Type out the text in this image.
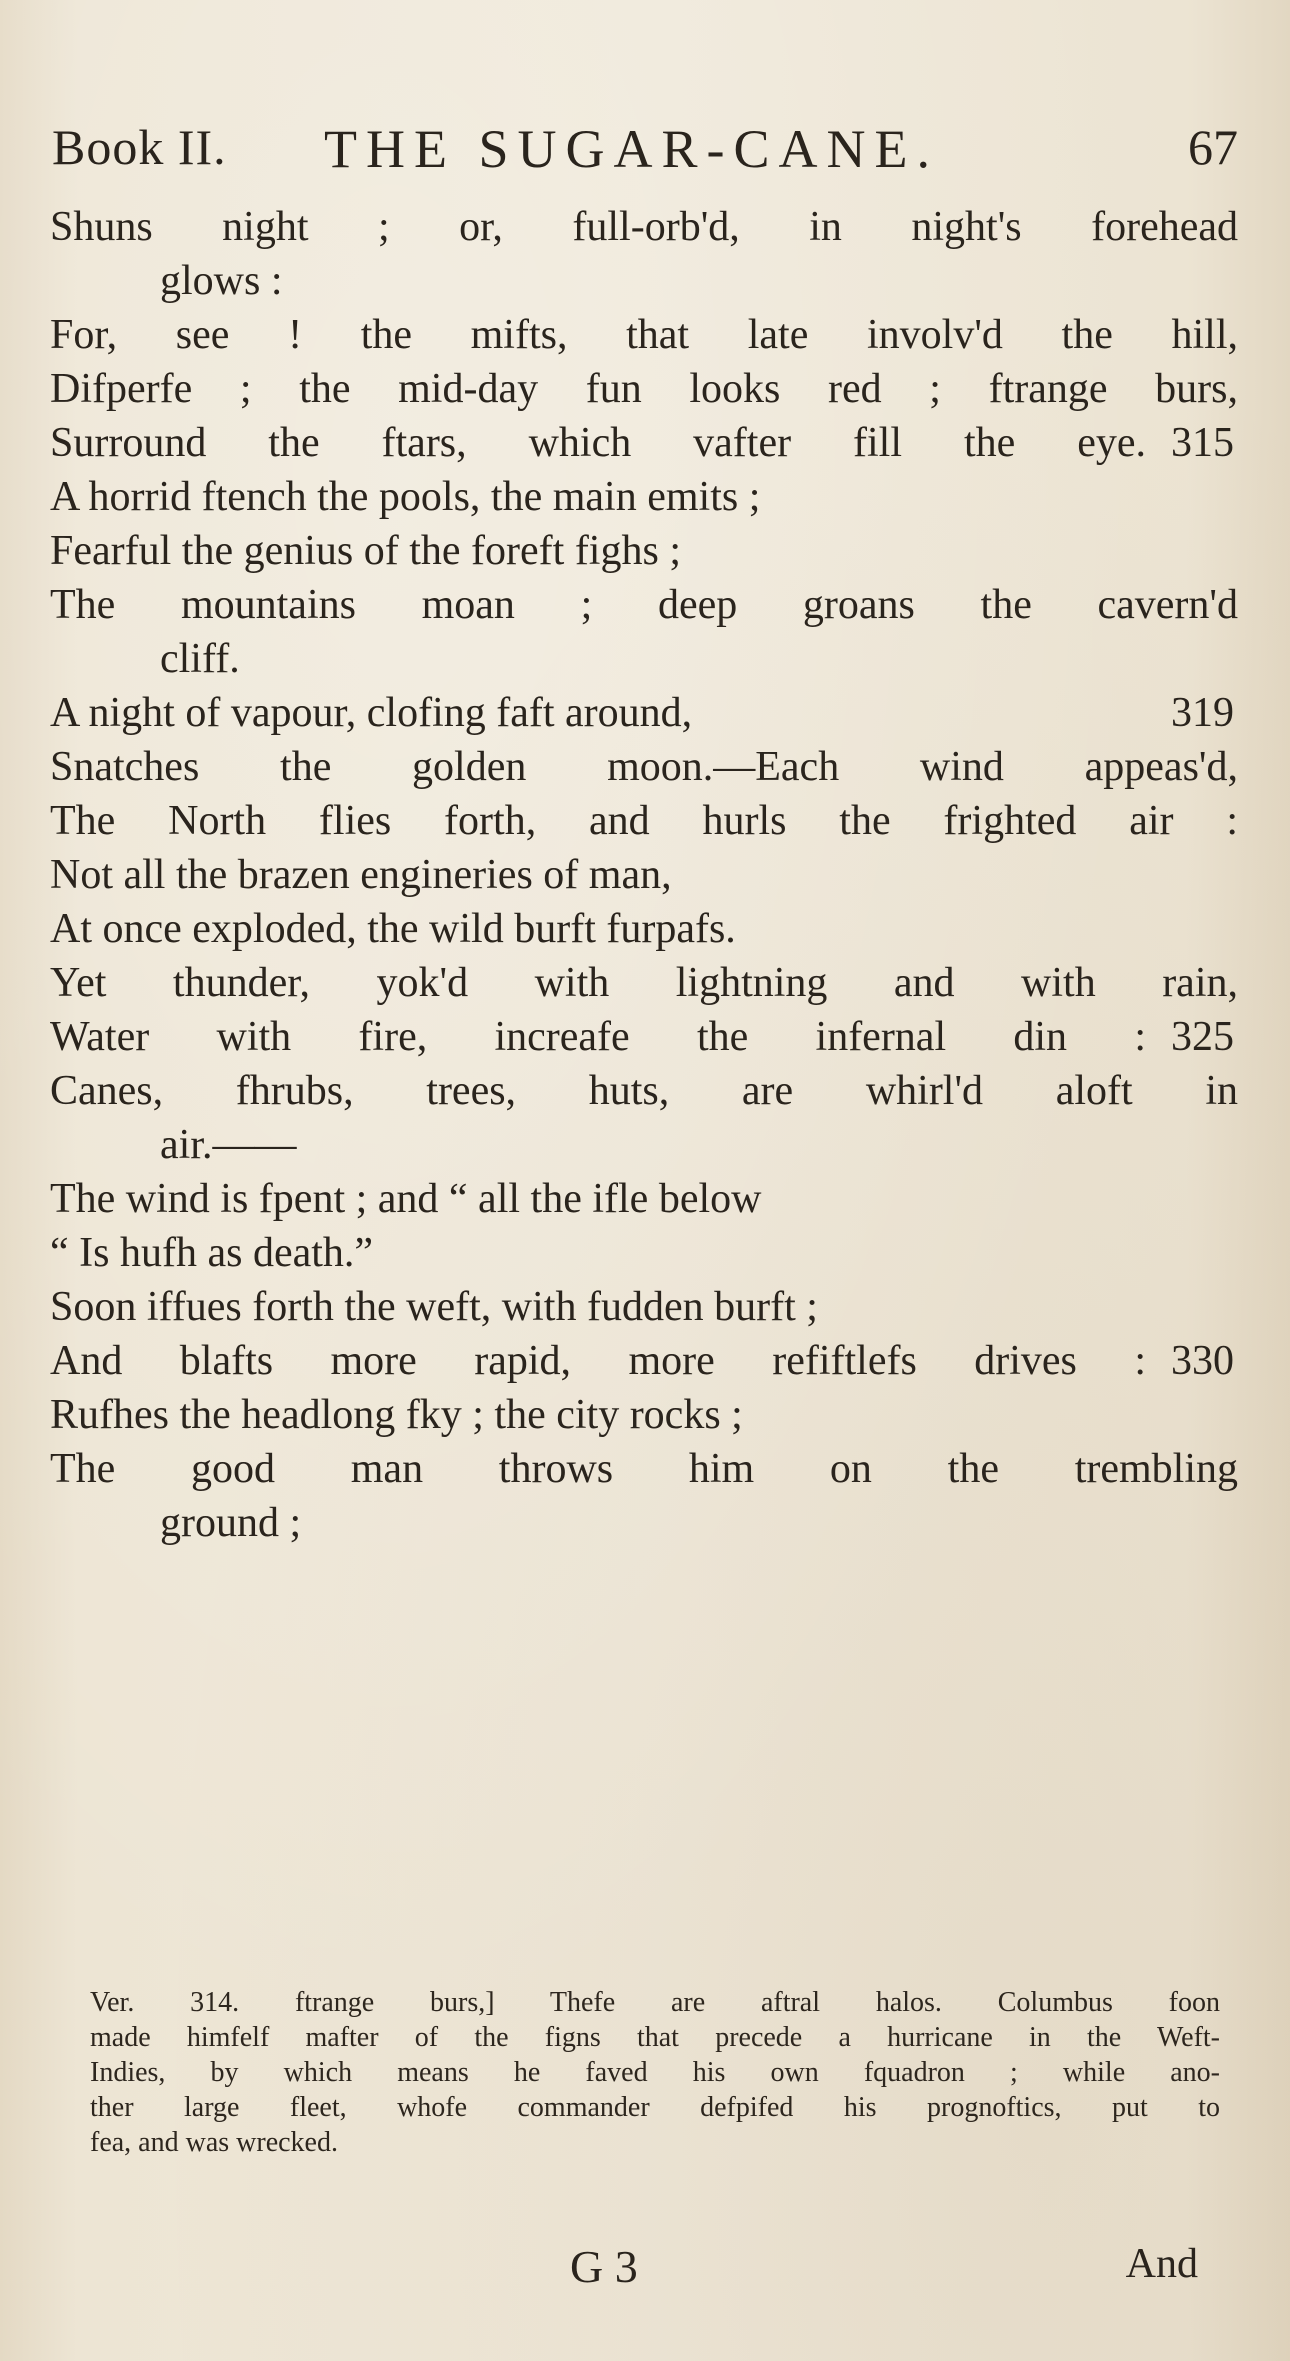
Book II. THE SUGAR-CANE.	67
Shuns night ; or, full-orb'd, in night's forehead
glows :
For, see ! the mifts, that late involv'd the hill,
Difperfe ; the mid-day fun looks red ; ftrange burs,
Surround the ftars, which vafter fill the eye. 315
A horrid ftench the pools, the main emits ;
Fearful the genius of the foreft fighs ;
The mountains moan ; deep groans the cavern'd
cliff.
A night of vapour, clofing faft around,	319
Snatches the golden moon.—Each wind appeas'd,
The North flies forth, and hurls the frighted air :
Not all the brazen engineries of man,
At once exploded, the wild burft furpafs.
Yet thunder, yok'd with lightning and with rain,
Water with fire, increafe the infernal din : 325
Canes, fhrubs, trees, huts, are whirl'd aloft in
air.——
The wind is fpent ; and “ all the ifle below
“ Is hufh as death.”
Soon iffues forth the weft, with fudden burft ;
And blafts more rapid, more refiftlefs drives : 330
Rufhes the headlong fky ; the city rocks ;
The good man throws him on the trembling
ground ;
Ver. 314. ftrange burs,] Thefe are aftral halos. Columbus foon
made himfelf mafter of the figns that precede a hurricane in the Weft-
Indies, by which means he faved his own fquadron ; while ano-
ther large fleet, whofe commander defpifed his prognoftics, put to
fea, and was wrecked.
G 3	And
